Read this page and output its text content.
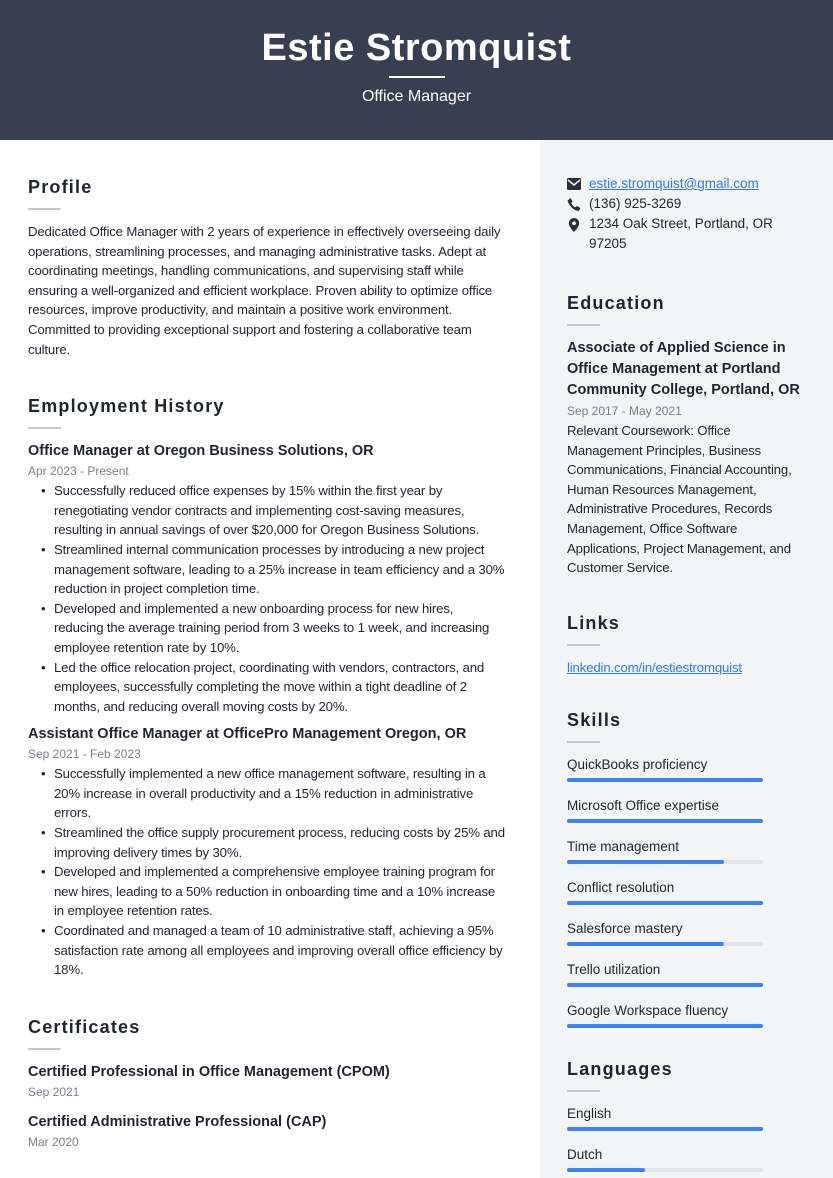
Estie Stromquist
Office Manager
Profile

Dedicated Office Manager with 2 years of experience in effectively overseeing daily operations, streamlining processes, and managing administrative tasks. Adept at coordinating meetings, handling communications, and supervising staff while ensuring a well-organized and efficient workplace. Proven ability to optimize office resources, improve productivity, and maintain a positive work environment. Committed to providing exceptional support and fostering a collaborative team culture.

Employment History
Office Manager at Oregon Business Solutions, OR
Apr 2023 - Present
• Successfully reduced office expenses by 15% within the first year by renegotiating vendor contracts and implementing cost-saving measures, resulting in annual savings of over $20,000 for Oregon Business Solutions.
• Streamlined internal communication processes by introducing a new project management software, leading to a 25% increase in team efficiency and a 30% reduction in project completion time.
• Developed and implemented a new onboarding process for new hires, reducing the average training period from 3 weeks to 1 week, and increasing employee retention rate by 10%.
• Led the office relocation project, coordinating with vendors, contractors, and employees, successfully completing the move within a tight deadline of 2 months, and reducing overall moving costs by 20%.
Assistant Office Manager at OfficePro Management Oregon, OR
Sep 2021 - Feb 2023
• Successfully implemented a new office management software, resulting in a 20% increase in overall productivity and a 15% reduction in administrative errors.
• Streamlined the office supply procurement process, reducing costs by 25% and improving delivery times by 30%.
• Developed and implemented a comprehensive employee training program for new hires, leading to a 50% reduction in onboarding time and a 10% increase in employee retention rates.
• Coordinated and managed a team of 10 administrative staff, achieving a 95% satisfaction rate among all employees and improving overall office efficiency by 18%.
Certificates
Certified Professional in Office Management (CPOM)
Sep 2021
Certified Administrative Professional (CAP)
Mar 2020
estie.stromquist@gmail.com
(136) 925-3269
1234 Oak Street, Portland, OR 97205
Education
Associate of Applied Science in Office Management at Portland Community College, Portland, OR
Sep 2017 - May 2021

Relevant Coursework: Office Management Principles, Business Communications, Financial Accounting, Human Resources Management, Administrative Procedures, Records Management, Office Software Applications, Project Management, and Customer Service.

Links
linkedin.com/in/estiestromquist
Skills
QuickBooks proficiency
Microsoft Office expertise
Time management
Conflict resolution
Salesforce mastery
Trello utilization
Google Workspace fluency
Languages
English
Dutch
